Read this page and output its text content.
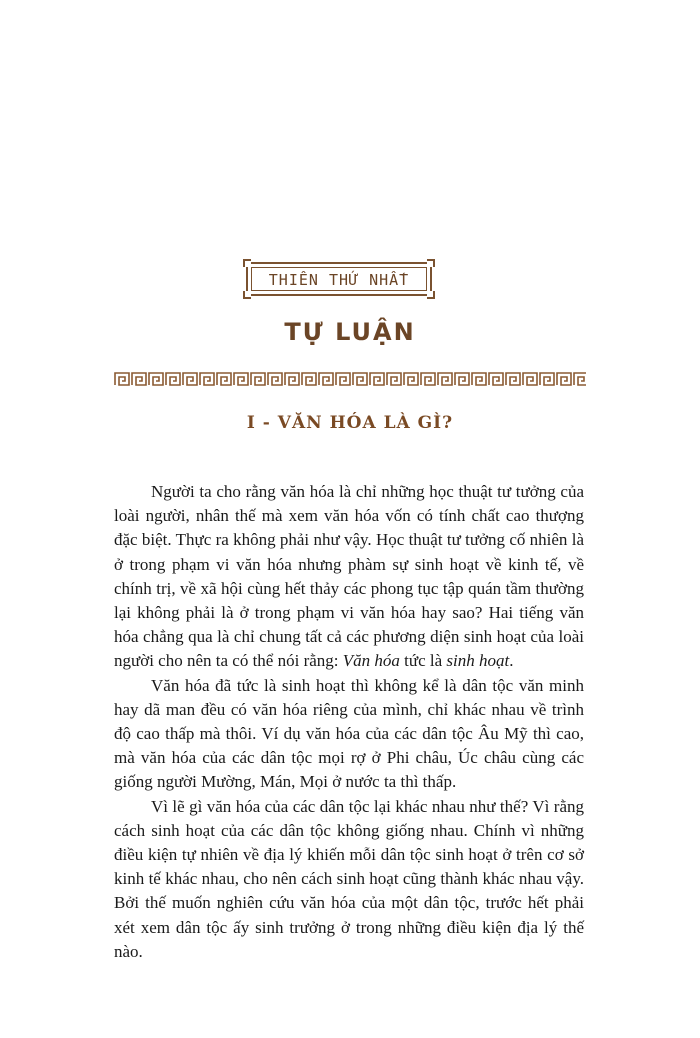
THIÊN THỨ NHẤT
TỰ LUẬN
I - VĂN HÓA LÀ GÌ?

Người ta cho rằng văn hóa là chỉ những học thuật tư tưởng của loài người, nhân thế mà xem văn hóa vốn có tính chất cao thượng đặc biệt. Thực ra không phải như vậy. Học thuật tư tưởng cố nhiên là ở trong phạm vi văn hóa nhưng phàm sự sinh hoạt về kinh tế, về chính trị, về xã hội cùng hết thảy các phong tục tập quán tầm thường lại không phải là ở trong phạm vi văn hóa hay sao? Hai tiếng văn hóa chẳng qua là chỉ chung tất cả các phương diện sinh hoạt của loài người cho nên ta có thể nói rằng: Văn hóa tức là sinh hoạt.

Văn hóa đã tức là sinh hoạt thì không kể là dân tộc văn minh hay dã man đều có văn hóa riêng của mình, chỉ khác nhau về trình độ cao thấp mà thôi. Ví dụ văn hóa của các dân tộc Âu Mỹ thì cao, mà văn hóa của các dân tộc mọi rợ ở Phi châu, Úc châu cùng các giống người Mường, Mán, Mọi ở nước ta thì thấp.

Vì lẽ gì văn hóa của các dân tộc lại khác nhau như thế? Vì rằng cách sinh hoạt của các dân tộc không giống nhau. Chính vì những điều kiện tự nhiên về địa lý khiến mỗi dân tộc sinh hoạt ở trên cơ sở kinh tế khác nhau, cho nên cách sinh hoạt cũng thành khác nhau vậy. Bởi thế muốn nghiên cứu văn hóa của một dân tộc, trước hết phải xét xem dân tộc ấy sinh trưởng ở trong những điều kiện địa lý thế nào.
